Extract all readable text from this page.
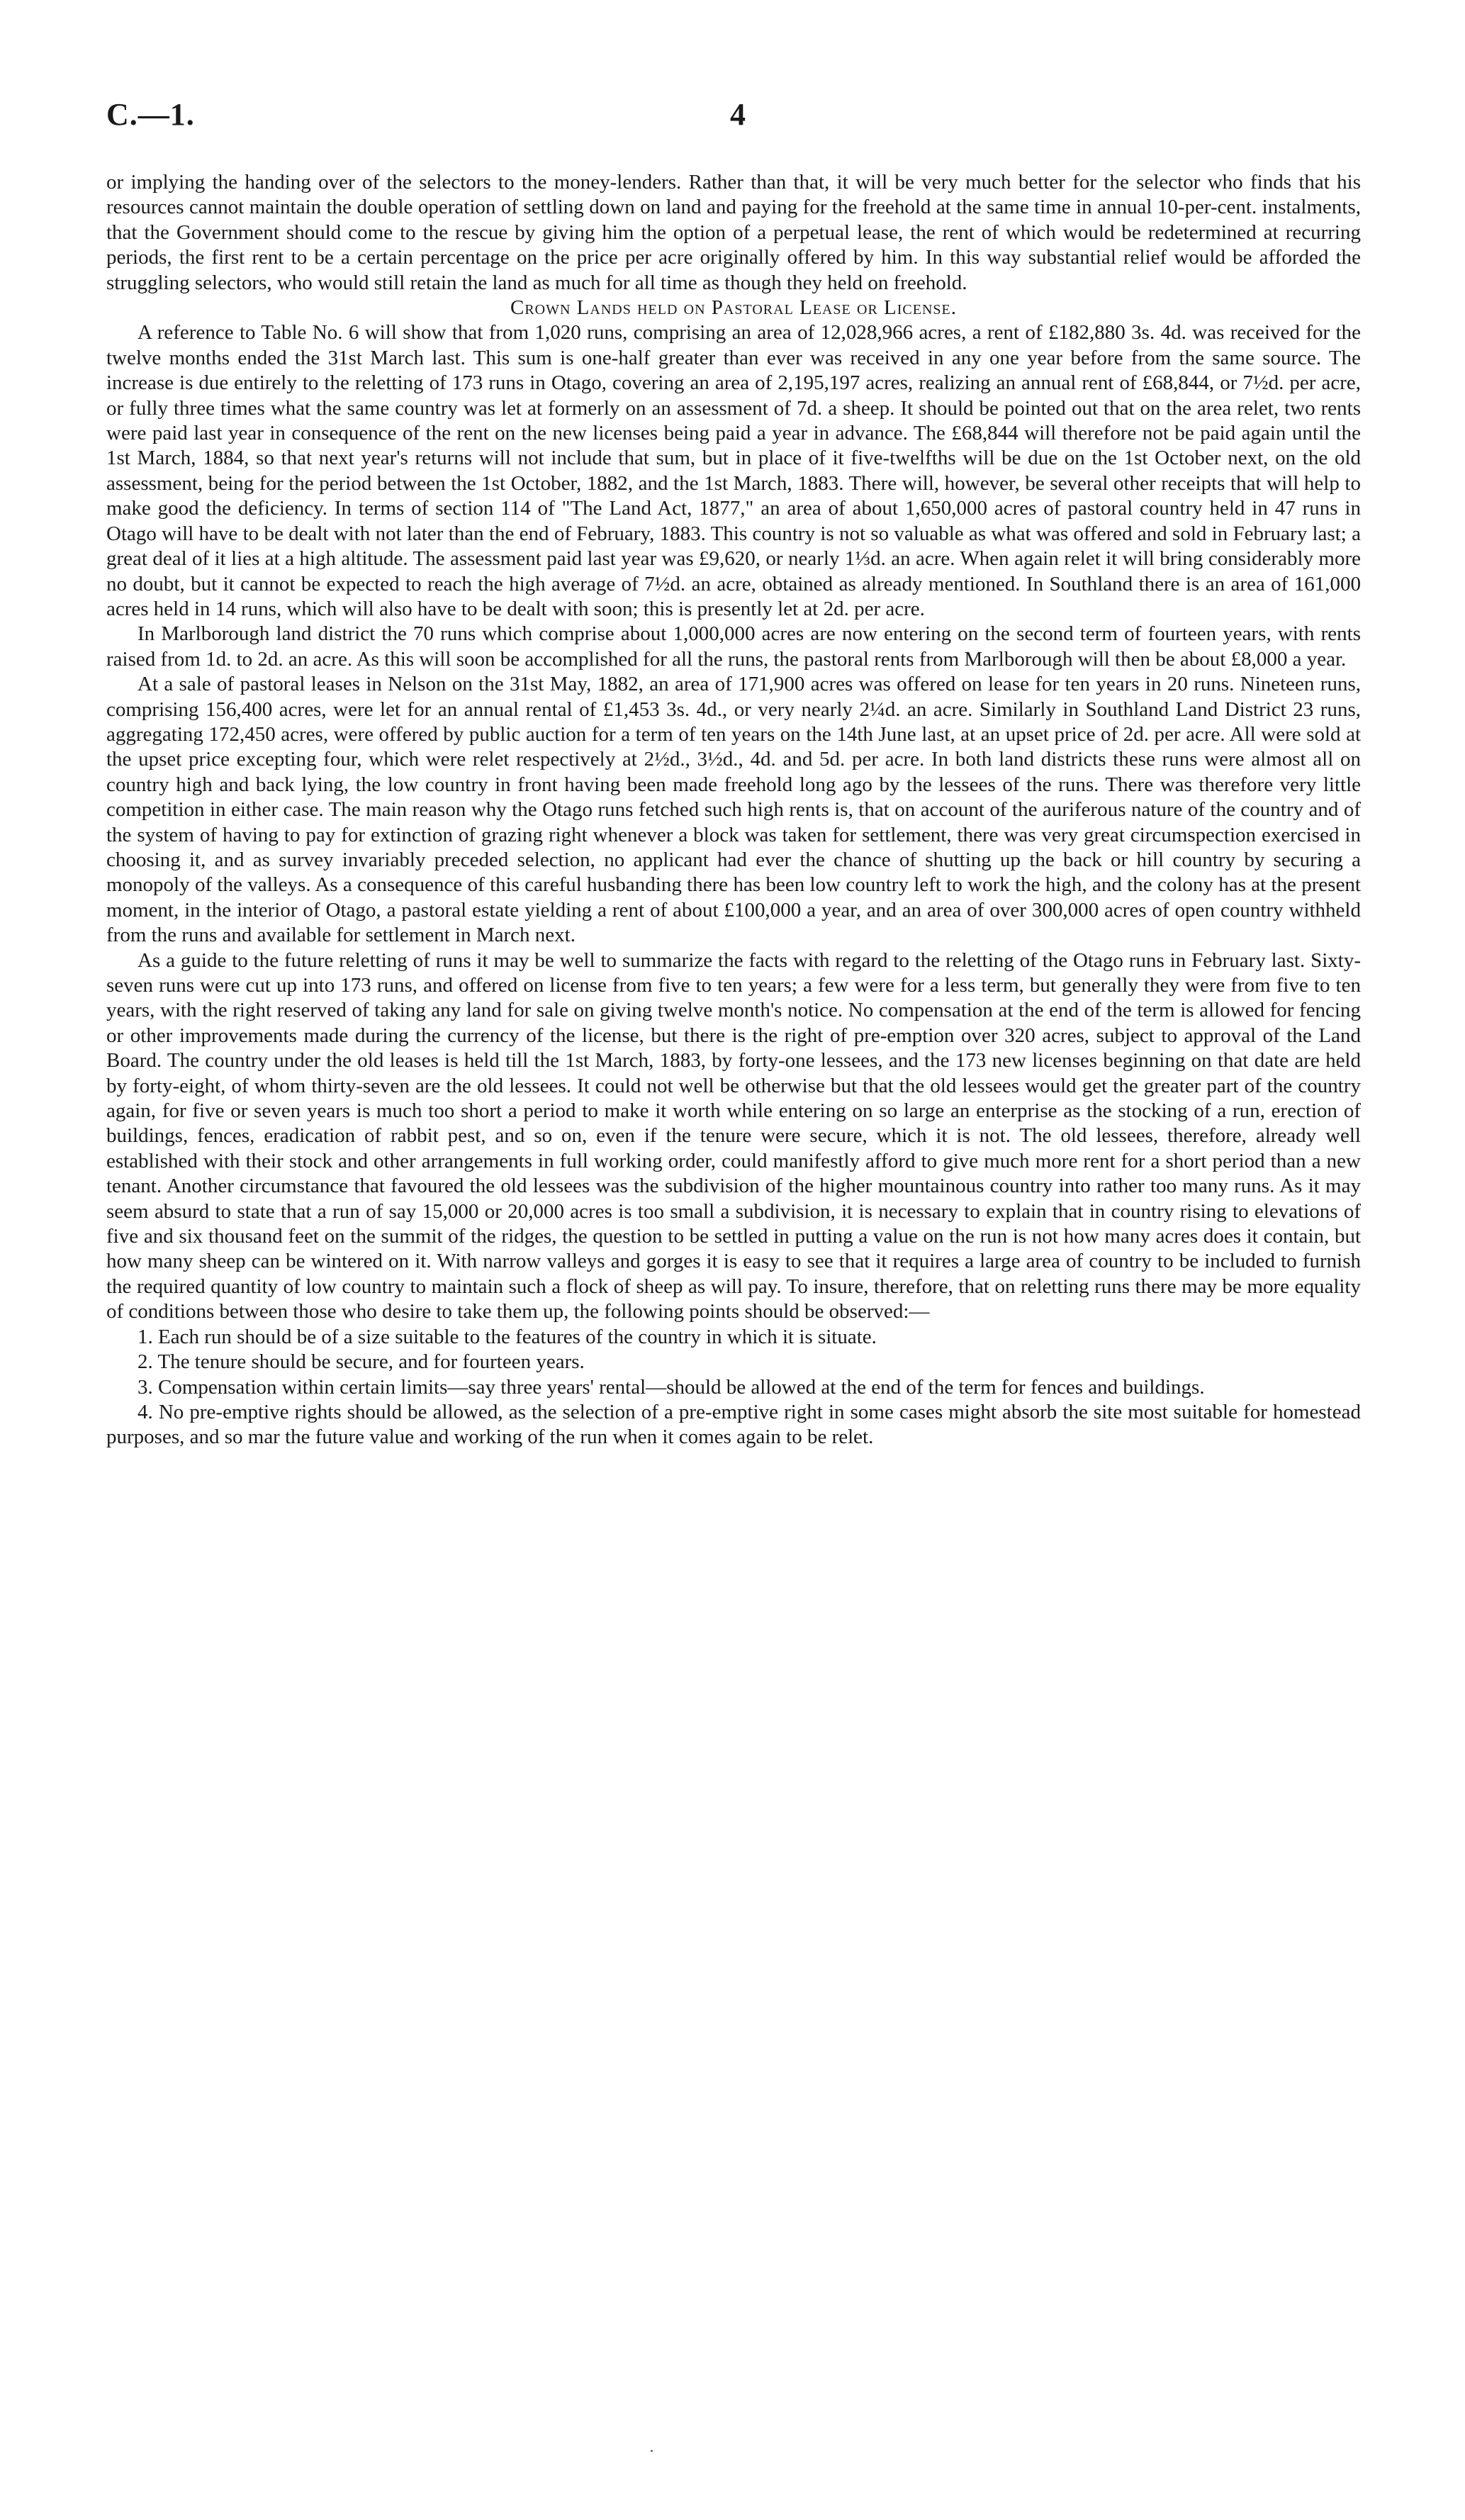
C.—1.	4

or implying the handing over of the selectors to the money-lenders. Rather than that, it will be very much better for the selector who finds that his resources cannot maintain the double operation of settling down on land and paying for the freehold at the same time in annual 10-per-cent. instalments, that the Government should come to the rescue by giving him the option of a perpetual lease, the rent of which would be redetermined at recurring periods, the first rent to be a certain percentage on the price per acre originally offered by him. In this way substantial relief would be afforded the struggling selectors, who would still retain the land as much for all time as though they held on freehold.

Crown Lands held on Pastoral Lease or License.

A reference to Table No. 6 will show that from 1,020 runs, comprising an area of 12,028,966 acres, a rent of £182,880 3s. 4d. was received for the twelve months ended the 31st March last. This sum is one-half greater than ever was received in any one year before from the same source. The increase is due entirely to the reletting of 173 runs in Otago, covering an area of 2,195,197 acres, realizing an annual rent of £68,844, or 7½d. per acre, or fully three times what the same country was let at formerly on an assessment of 7d. a sheep. It should be pointed out that on the area relet, two rents were paid last year in consequence of the rent on the new licenses being paid a year in advance. The £68,844 will therefore not be paid again until the 1st March, 1884, so that next year's returns will not include that sum, but in place of it five-twelfths will be due on the 1st October next, on the old assessment, being for the period between the 1st October, 1882, and the 1st March, 1883. There will, however, be several other receipts that will help to make good the deficiency. In terms of section 114 of "The Land Act, 1877," an area of about 1,650,000 acres of pastoral country held in 47 runs in Otago will have to be dealt with not later than the end of February, 1883. This country is not so valuable as what was offered and sold in February last; a great deal of it lies at a high altitude. The assessment paid last year was £9,620, or nearly 1⅓d. an acre. When again relet it will bring considerably more no doubt, but it cannot be expected to reach the high average of 7½d. an acre, obtained as already mentioned. In Southland there is an area of 161,000 acres held in 14 runs, which will also have to be dealt with soon; this is presently let at 2d. per acre.

In Marlborough land district the 70 runs which comprise about 1,000,000 acres are now entering on the second term of fourteen years, with rents raised from 1d. to 2d. an acre. As this will soon be accomplished for all the runs, the pastoral rents from Marlborough will then be about £8,000 a year.

At a sale of pastoral leases in Nelson on the 31st May, 1882, an area of 171,900 acres was offered on lease for ten years in 20 runs. Nineteen runs, comprising 156,400 acres, were let for an annual rental of £1,453 3s. 4d., or very nearly 2¼d. an acre. Similarly in Southland Land District 23 runs, aggregating 172,450 acres, were offered by public auction for a term of ten years on the 14th June last, at an upset price of 2d. per acre. All were sold at the upset price excepting four, which were relet respectively at 2½d., 3½d., 4d. and 5d. per acre. In both land districts these runs were almost all on country high and back lying, the low country in front having been made freehold long ago by the lessees of the runs. There was therefore very little competition in either case. The main reason why the Otago runs fetched such high rents is, that on account of the auriferous nature of the country and of the system of having to pay for extinction of grazing right whenever a block was taken for settlement, there was very great circumspection exercised in choosing it, and as survey invariably preceded selection, no applicant had ever the chance of shutting up the back or hill country by securing a monopoly of the valleys. As a consequence of this careful husbanding there has been low country left to work the high, and the colony has at the present moment, in the interior of Otago, a pastoral estate yielding a rent of about £100,000 a year, and an area of over 300,000 acres of open country withheld from the runs and available for settlement in March next.

As a guide to the future reletting of runs it may be well to summarize the facts with regard to the reletting of the Otago runs in February last. Sixty-seven runs were cut up into 173 runs, and offered on license from five to ten years; a few were for a less term, but generally they were from five to ten years, with the right reserved of taking any land for sale on giving twelve month's notice. No compensation at the end of the term is allowed for fencing or other improvements made during the currency of the license, but there is the right of pre-emption over 320 acres, subject to approval of the Land Board. The country under the old leases is held till the 1st March, 1883, by forty-one lessees, and the 173 new licenses beginning on that date are held by forty-eight, of whom thirty-seven are the old lessees. It could not well be otherwise but that the old lessees would get the greater part of the country again, for five or seven years is much too short a period to make it worth while entering on so large an enterprise as the stocking of a run, erection of buildings, fences, eradication of rabbit pest, and so on, even if the tenure were secure, which it is not. The old lessees, therefore, already well established with their stock and other arrangements in full working order, could manifestly afford to give much more rent for a short period than a new tenant. Another circumstance that favoured the old lessees was the subdivision of the higher mountainous country into rather too many runs. As it may seem absurd to state that a run of say 15,000 or 20,000 acres is too small a subdivision, it is necessary to explain that in country rising to elevations of five and six thousand feet on the summit of the ridges, the question to be settled in putting a value on the run is not how many acres does it contain, but how many sheep can be wintered on it. With narrow valleys and gorges it is easy to see that it requires a large area of country to be included to furnish the required quantity of low country to maintain such a flock of sheep as will pay. To insure, therefore, that on reletting runs there may be more equality of conditions between those who desire to take them up, the following points should be observed:—

1. Each run should be of a size suitable to the features of the country in which it is situate.

2. The tenure should be secure, and for fourteen years.

3. Compensation within certain limits—say three years' rental—should be allowed at the end of the term for fences and buildings.

4. No pre-emptive rights should be allowed, as the selection of a pre-emptive right in some cases might absorb the site most suitable for homestead purposes, and so mar the future value and working of the run when it comes again to be relet.
